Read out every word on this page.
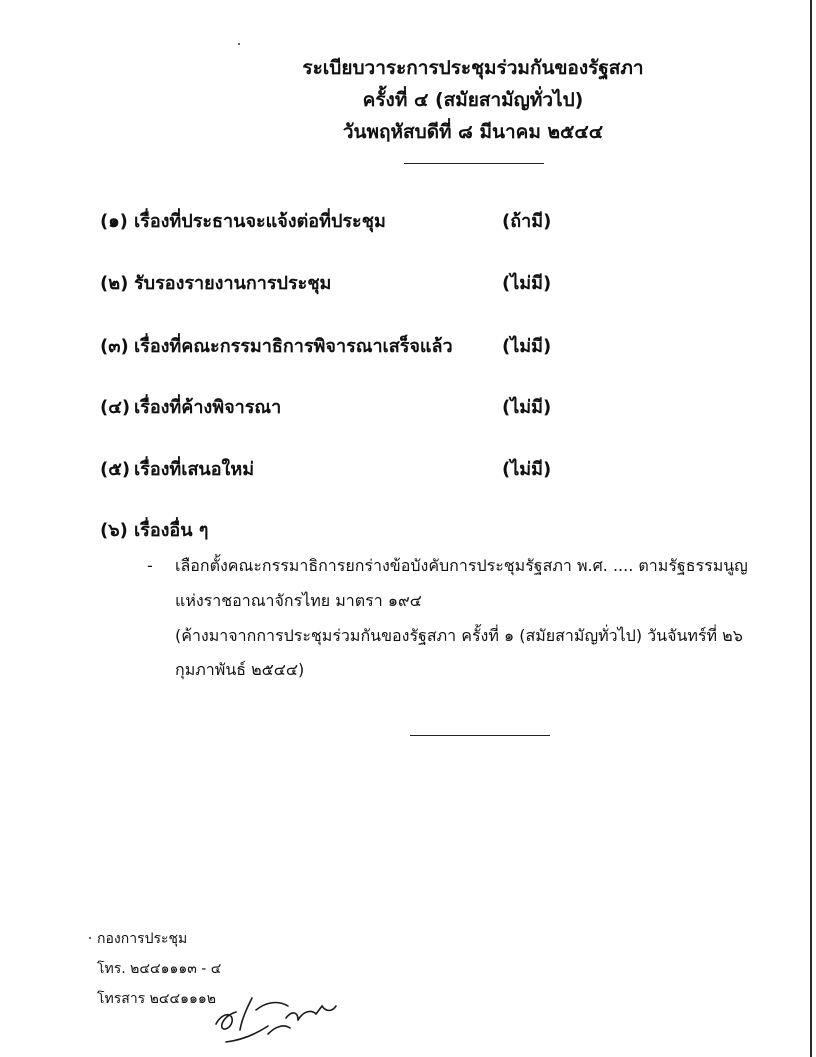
ระเบียบวาระการประชุมร่วมกันของรัฐสภา
ครั้งที่ ๔ (สมัยสามัญทั่วไป)
วันพฤหัสบดีที่ ๘ มีนาคม ๒๕๔๔
(๑) เรื่องที่ประธานจะแจ้งต่อที่ประชุม	(ถ้ามี)
(๒) รับรองรายงานการประชุม	(ไม่มี)
(๓) เรื่องที่คณะกรรมาธิการพิจารณาเสร็จแล้ว	(ไม่มี)
(๔) เรื่องที่ค้างพิจารณา	(ไม่มี)
(๕) เรื่องที่เสนอใหม่	(ไม่มี)
(๖) เรื่องอื่น ๆ
- เลือกตั้งคณะกรรมาธิการยกร่างข้อบังคับการประชุมรัฐสภา พ.ศ. .... ตามรัฐธรรมนูญ
แห่งราชอาณาจักรไทย มาตรา ๑๙๔
(ค้างมาจากการประชุมร่วมกันของรัฐสภา ครั้งที่ ๑ (สมัยสามัญทั่วไป) วันจันทร์ที่ ๒๖
กุมภาพันธ์ ๒๕๔๔)
กองการประชุม
โทร. ๒๔๔๑๑๑๓ - ๔
โทรสาร ๒๔๔๑๑๑๒
